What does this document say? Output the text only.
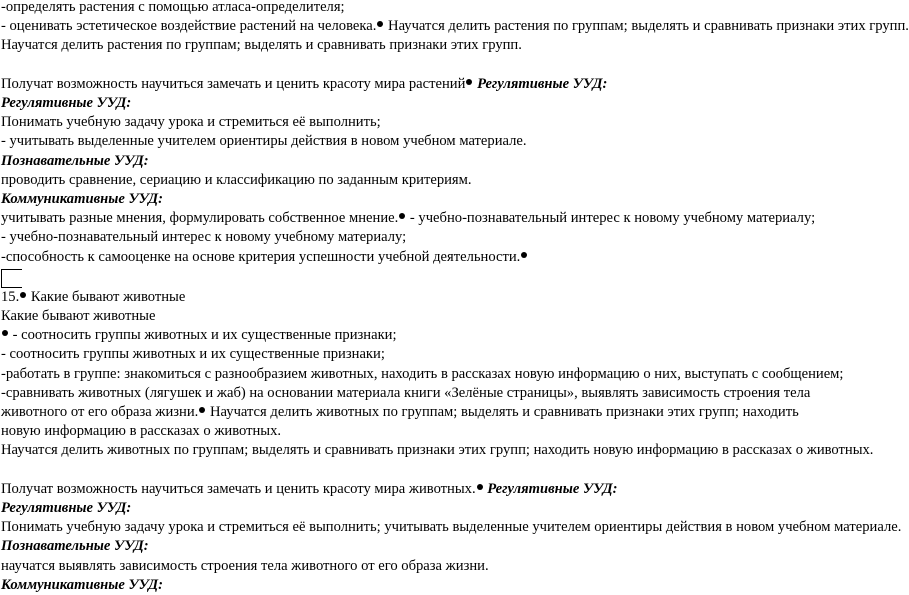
-определять растения с помощью атласа-определителя;
- оценивать эстетическое воздействие растений на человека. Научатся делить растения по группам; выделять и сравнивать признаки этих групп.
Научатся делить растения по группам; выделять и сравнивать признаки этих групп.
Получат возможность научиться замечать и ценить красоту мира растений Регулятивные УУД:
Регулятивные УУД:
Понимать учебную задачу урока и стремиться её выполнить;
- учитывать выделенные учителем ориентиры действия в новом учебном материале.
Познавательные УУД:
проводить сравнение, сериацию и классификацию по заданным критериям.
Коммуникативные УУД:
учитывать разные мнения, формулировать собственное мнение. - учебно-познавательный интерес к новому учебному материалу;
- учебно-познавательный интерес к новому учебному материалу;
-способность к самооценке на основе критерия успешности учебной деятельности.
15. Какие бывают животные
Какие бывают животные
- соотносить группы животных и их существенные признаки;
- соотносить группы животных и их существенные признаки;
-работать в группе: знакомиться с разнообразием животных, находить в рассказах новую информацию о них, выступать с сообщением;
-сравнивать животных (лягушек и жаб) на основании материала книги «Зелёные страницы», выявлять зависимость строения тела животного от его образа жизни. Научатся делить животных по группам; выделять и сравнивать признаки этих групп; находить новую информацию в рассказах о животных.
Научатся делить животных по группам; выделять и сравнивать признаки этих групп; находить новую информацию в рассказах о животных.
Получат возможность научиться замечать и ценить красоту мира животных. Регулятивные УУД:
Регулятивные УУД:
Понимать учебную задачу урока и стремиться её выполнить; учитывать выделенные учителем ориентиры действия в новом учебном материале.
Познавательные УУД:
научатся выявлять зависимость строения тела животного от его образа жизни.
Коммуникативные УУД:
